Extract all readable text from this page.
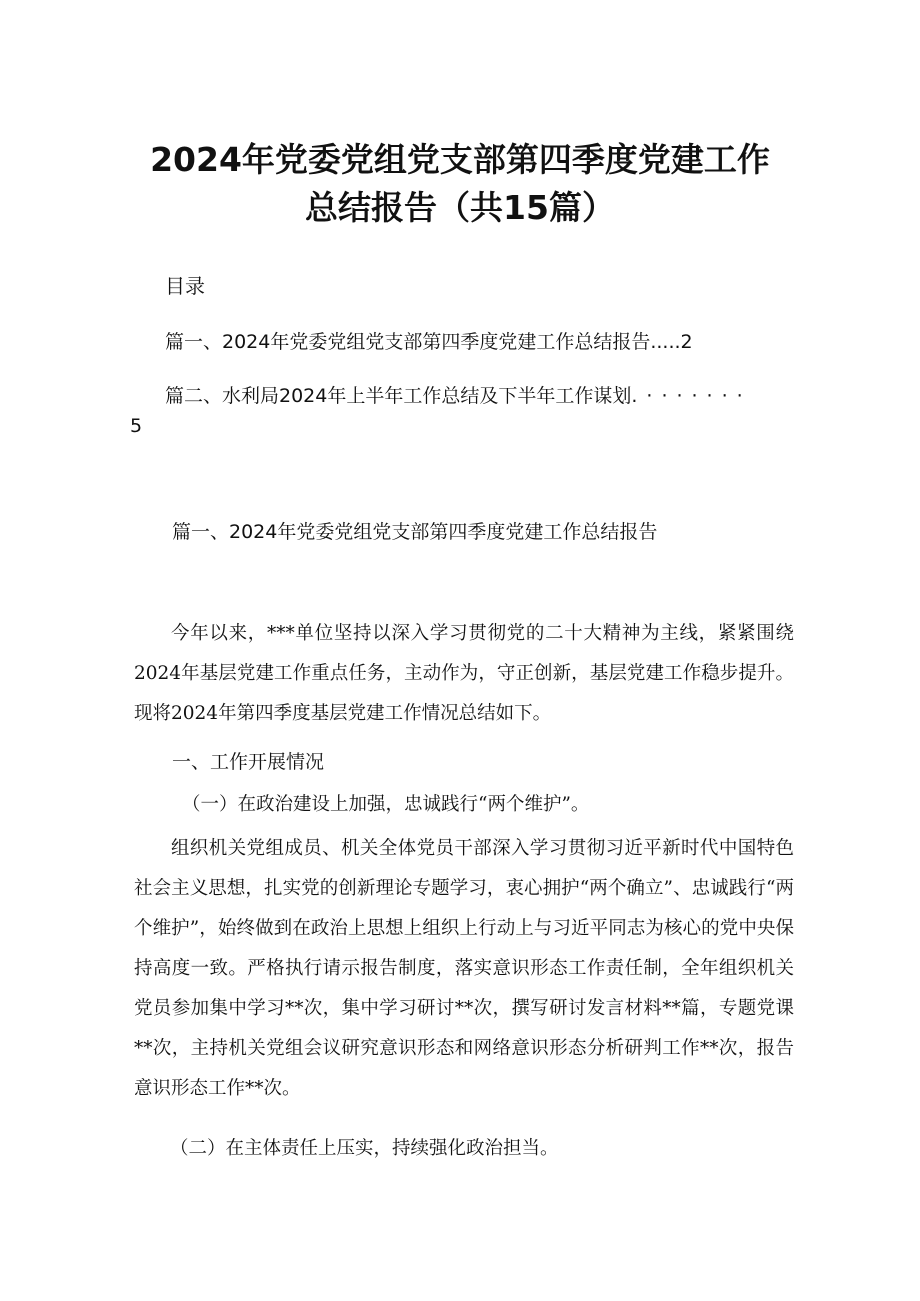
2024年党委党组党支部第四季度党建工作
总结报告（共15篇）
目录
篇一、2024年党委党组党支部第四季度党建工作总结报告.....2
篇二、水利局2024年上半年工作总结及下半年工作谋划.·······
5
篇一、2024年党委党组党支部第四季度党建工作总结报告
今年以来，***单位坚持以深入学习贯彻党的二十大精神为主线，紧紧围绕2024年基层党建工作重点任务，主动作为，守正创新，基层党建工作稳步提升。现将2024年第四季度基层党建工作情况总结如下。
一、工作开展情况
（一）在政治建设上加强，忠诚践行“两个维护”。
组织机关党组成员、机关全体党员干部深入学习贯彻习近平新时代中国特色社会主义思想，扎实党的创新理论专题学习，衷心拥护“两个确立”、忠诚践行“两个维护”，始终做到在政治上思想上组织上行动上与习近平同志为核心的党中央保持高度一致。严格执行请示报告制度，落实意识形态工作责任制，全年组织机关党员参加集中学习**次，集中学习研讨**次，撰写研讨发言材料**篇，专题党课**次，主持机关党组会议研究意识形态和网络意识形态分析研判工作**次，报告意识形态工作**次。
（二）在主体责任上压实，持续强化政治担当。
